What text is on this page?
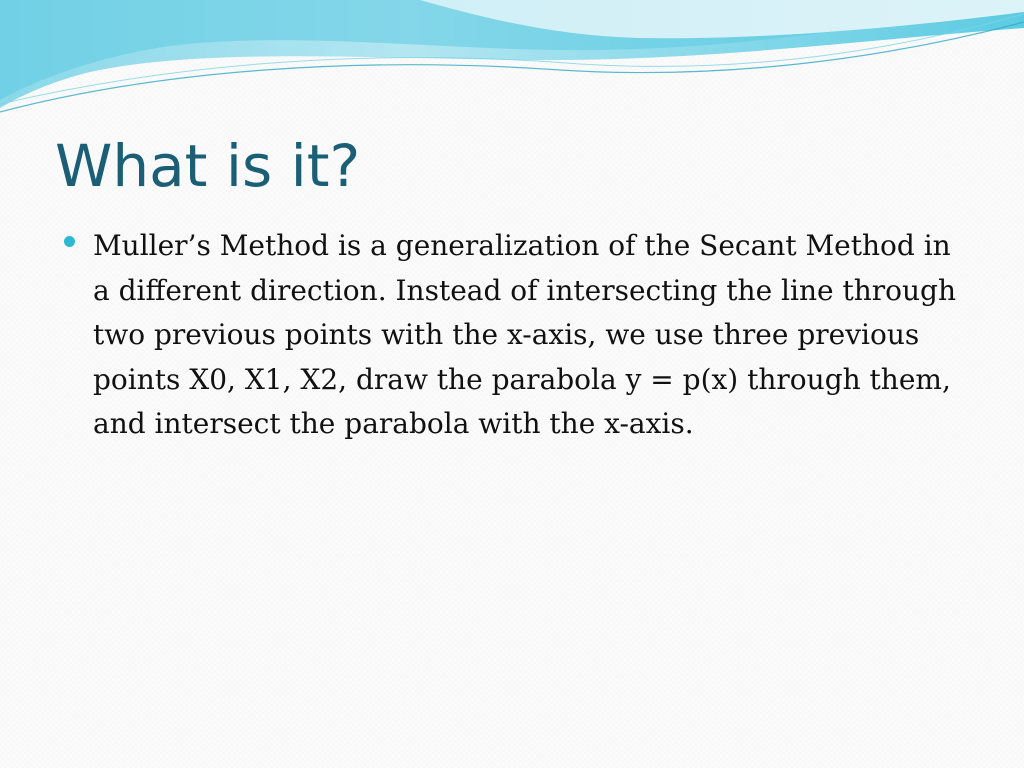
What is it?

Muller’s Method is a generalization of the Secant Method in a different direction. Instead of intersecting the line through two previous points with the x-axis, we use three previous points X0, X1, X2, draw the parabola y = p(x) through them, and intersect the parabola with the x-axis.
